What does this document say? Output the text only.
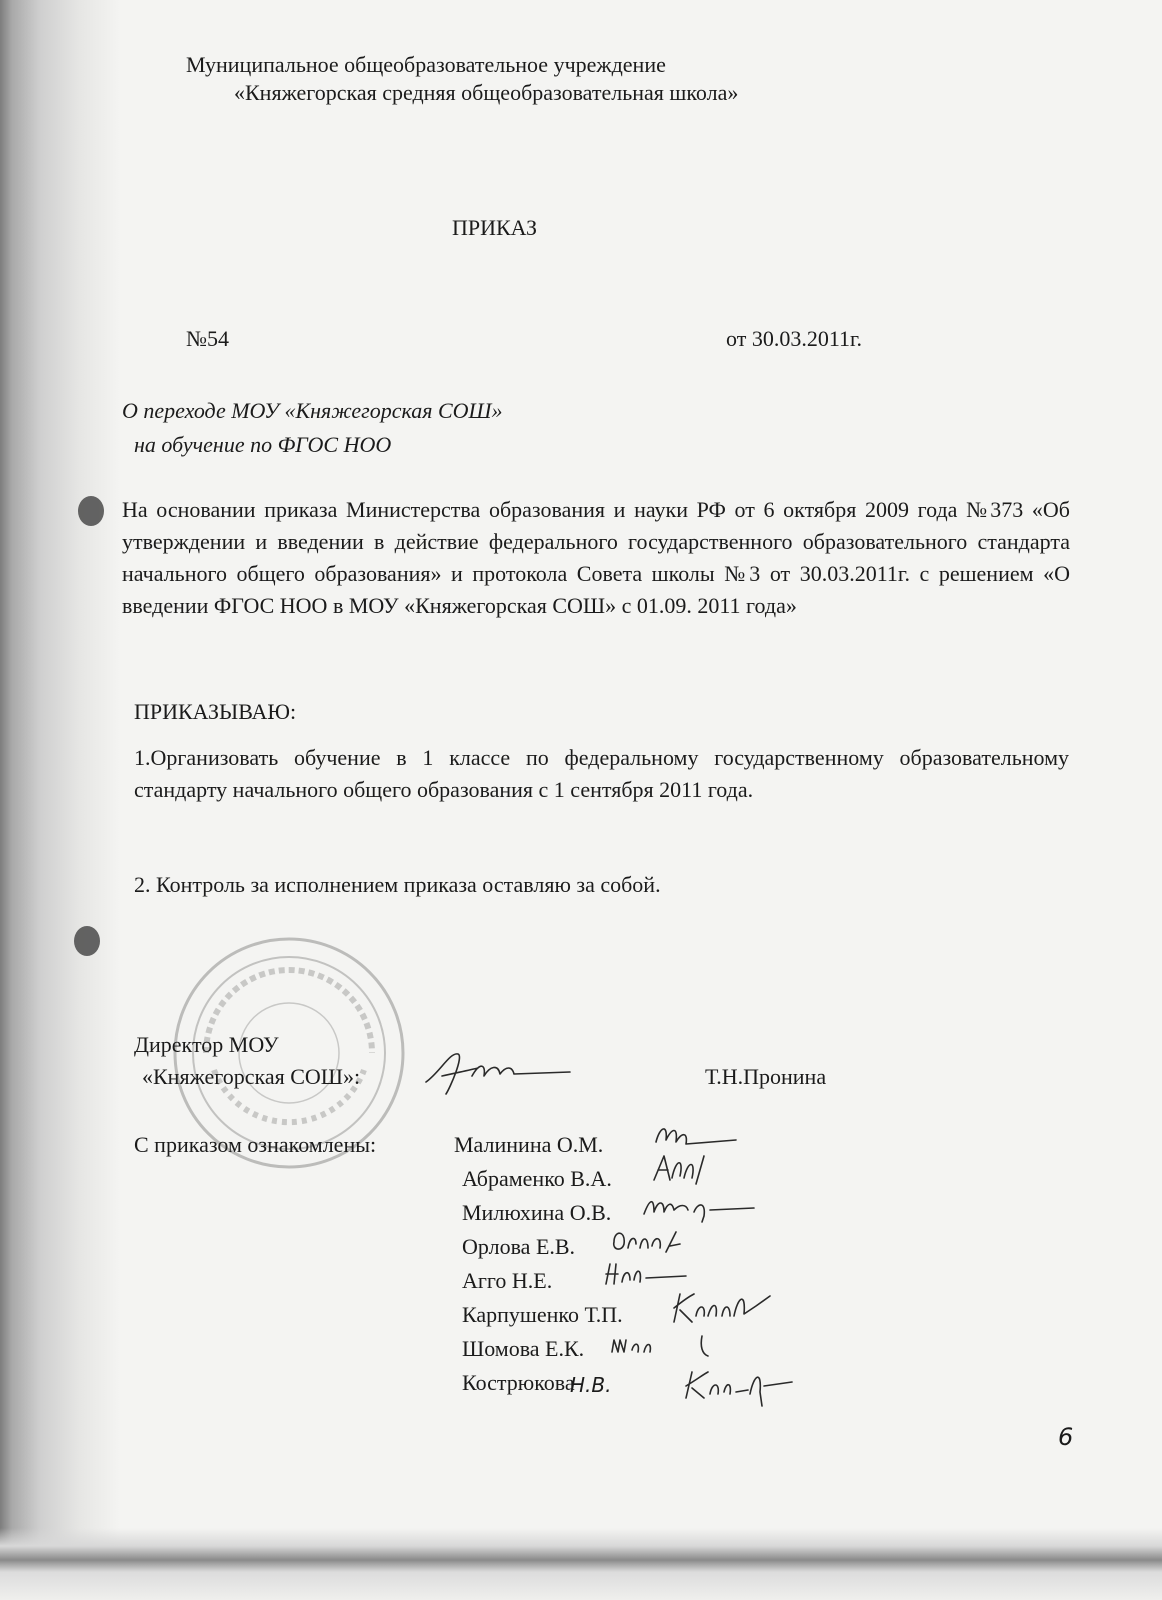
Муниципальное общеобразовательное учреждение
«Княжегорская средняя общеобразовательная школа»
ПРИКАЗ
№54	от 30.03.2011г.
О переходе МОУ «Княжегорская СОШ»
на обучение по ФГОС НОО
На основании приказа Министерства образования и науки РФ от 6 октября 2009 года №373 «Об утверждении и введении в действие федерального государственного образовательного стандарта начального общего образования» и протокола Совета школы №3 от 30.03.2011г. с решением «О введении ФГОС НОО в МОУ «Княжегорская СОШ» с 01.09. 2011 года»
ПРИКАЗЫВАЮ:
1.Организовать обучение в 1 классе по федеральному государственному образовательному стандарту начального общего образования с 1 сентября 2011 года.
2. Контроль за исполнением приказа оставляю за собой.
Директор МОУ
«Княжегорская СОШ»:	Т.Н.Пронина
С приказом ознакомлены:	Малинина О.М.
Абраменко В.А.
Милюхина О.В.
Орлова Е.В.
Агго Н.Е.
Карпушенко Т.П.
Шомова Е.К.
Кострюкова
Н.В.
6
